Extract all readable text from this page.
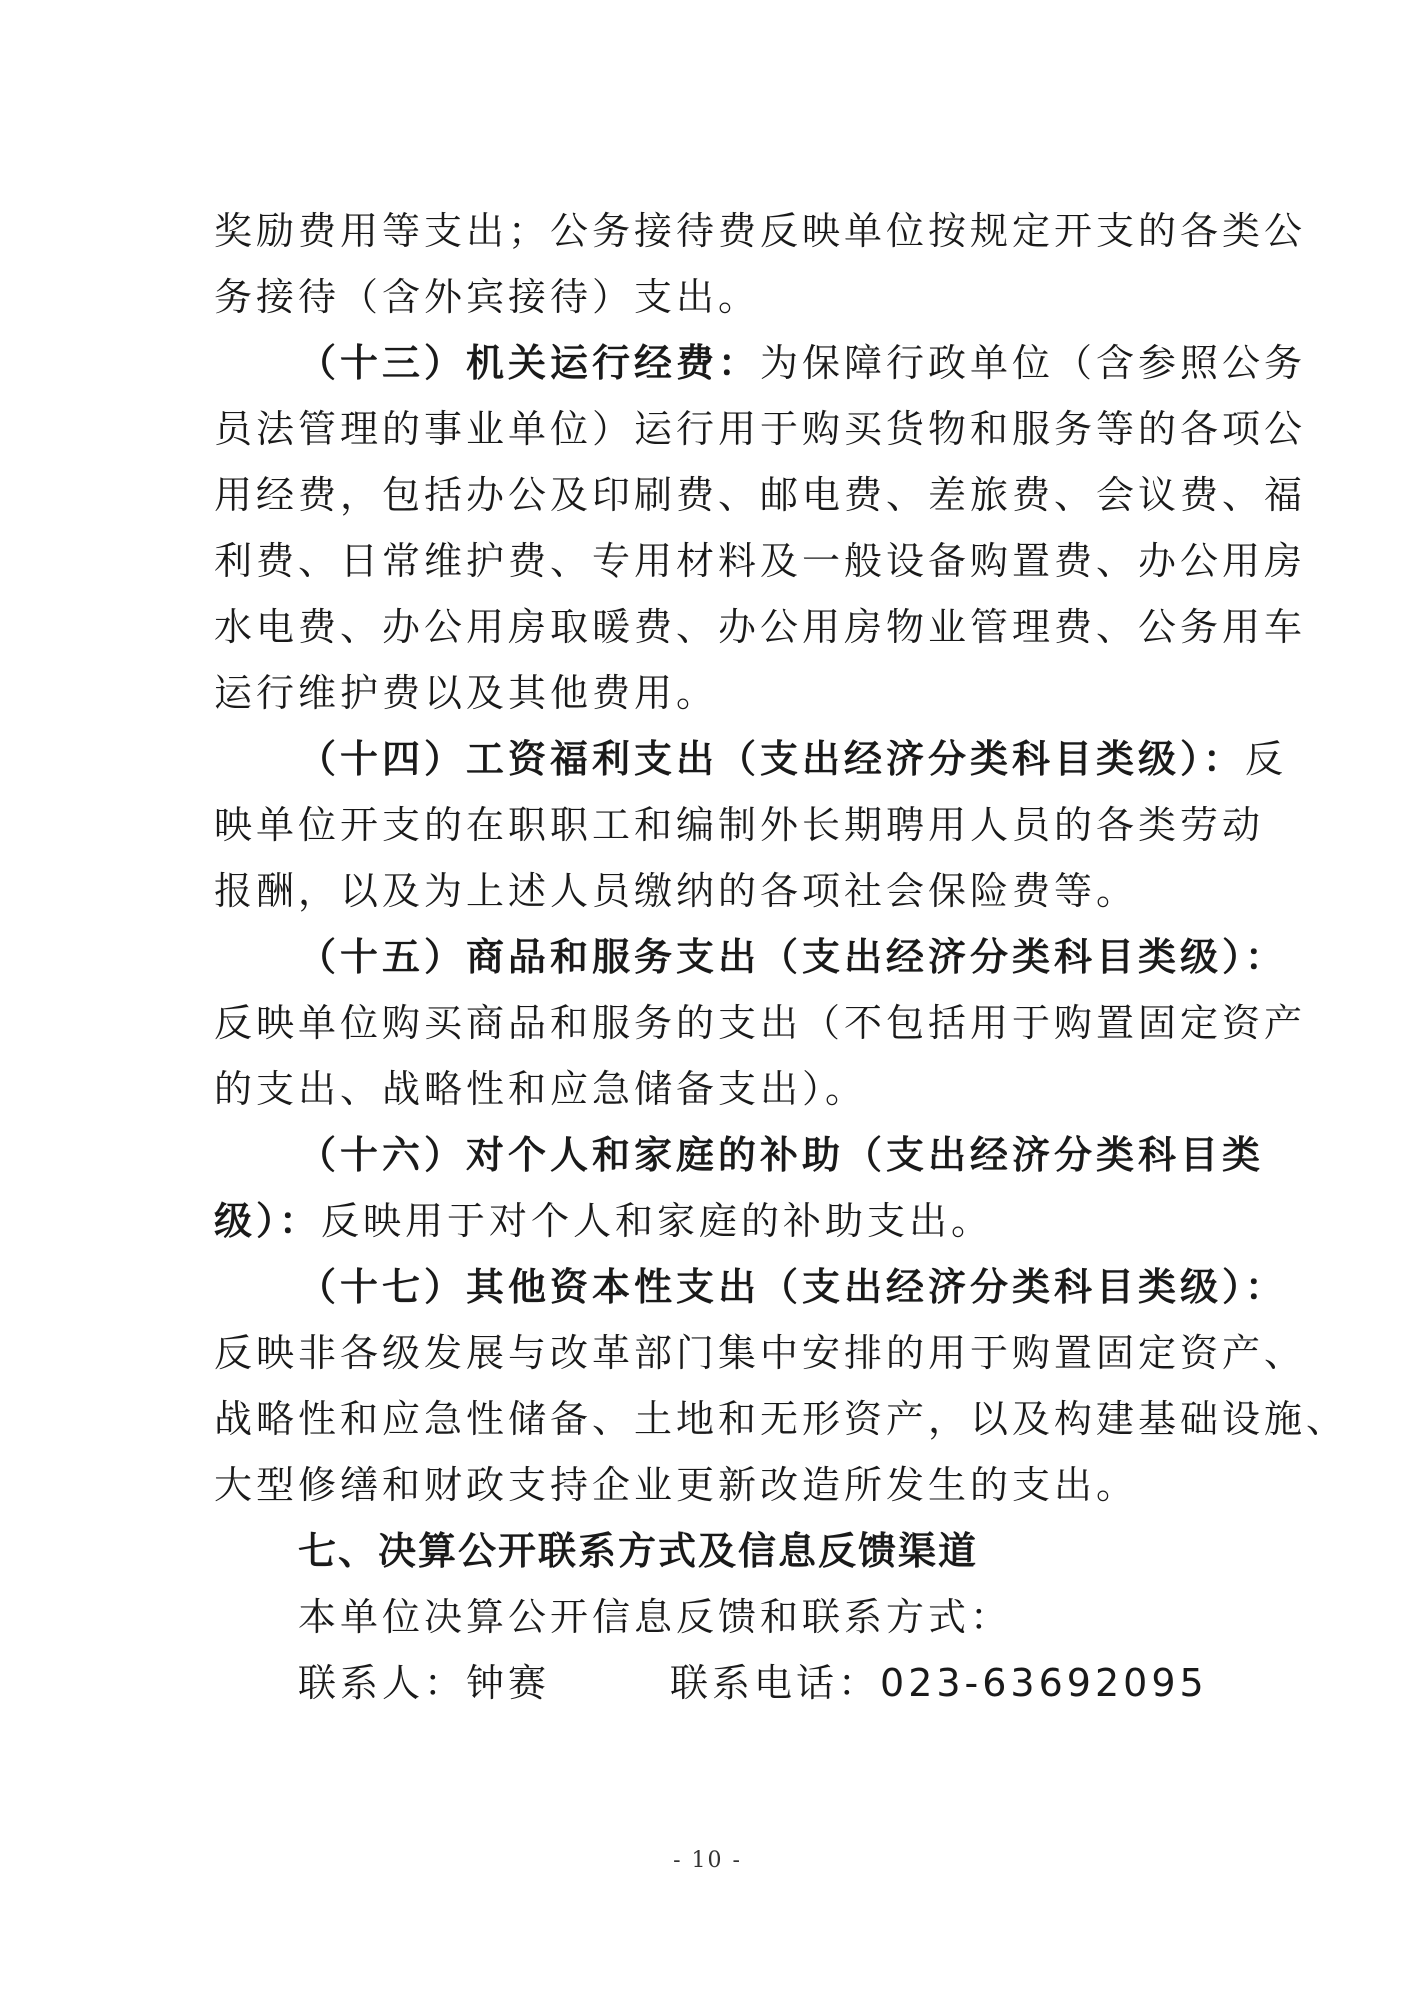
奖励费用等支出；公务接待费反映单位按规定开支的各类公
务接待（含外宾接待）支出。
（十三）机关运行经费：为保障行政单位（含参照公务
员法管理的事业单位）运行用于购买货物和服务等的各项公
用经费，包括办公及印刷费、邮电费、差旅费、会议费、福
利费、日常维护费、专用材料及一般设备购置费、办公用房
水电费、办公用房取暖费、办公用房物业管理费、公务用车
运行维护费以及其他费用。
（十四）工资福利支出（支出经济分类科目类级）：反
映单位开支的在职职工和编制外长期聘用人员的各类劳动
报酬，以及为上述人员缴纳的各项社会保险费等。
（十五）商品和服务支出（支出经济分类科目类级）：
反映单位购买商品和服务的支出（不包括用于购置固定资产
的支出、战略性和应急储备支出）。
（十六）对个人和家庭的补助（支出经济分类科目类
级）：反映用于对个人和家庭的补助支出。
（十七）其他资本性支出（支出经济分类科目类级）：
反映非各级发展与改革部门集中安排的用于购置固定资产、
战略性和应急性储备、土地和无形资产，以及构建基础设施、
大型修缮和财政支持企业更新改造所发生的支出。
七、决算公开联系方式及信息反馈渠道
本单位决算公开信息反馈和联系方式：
联系人：钟赛	联系电话：023-63692095
- 10 -
